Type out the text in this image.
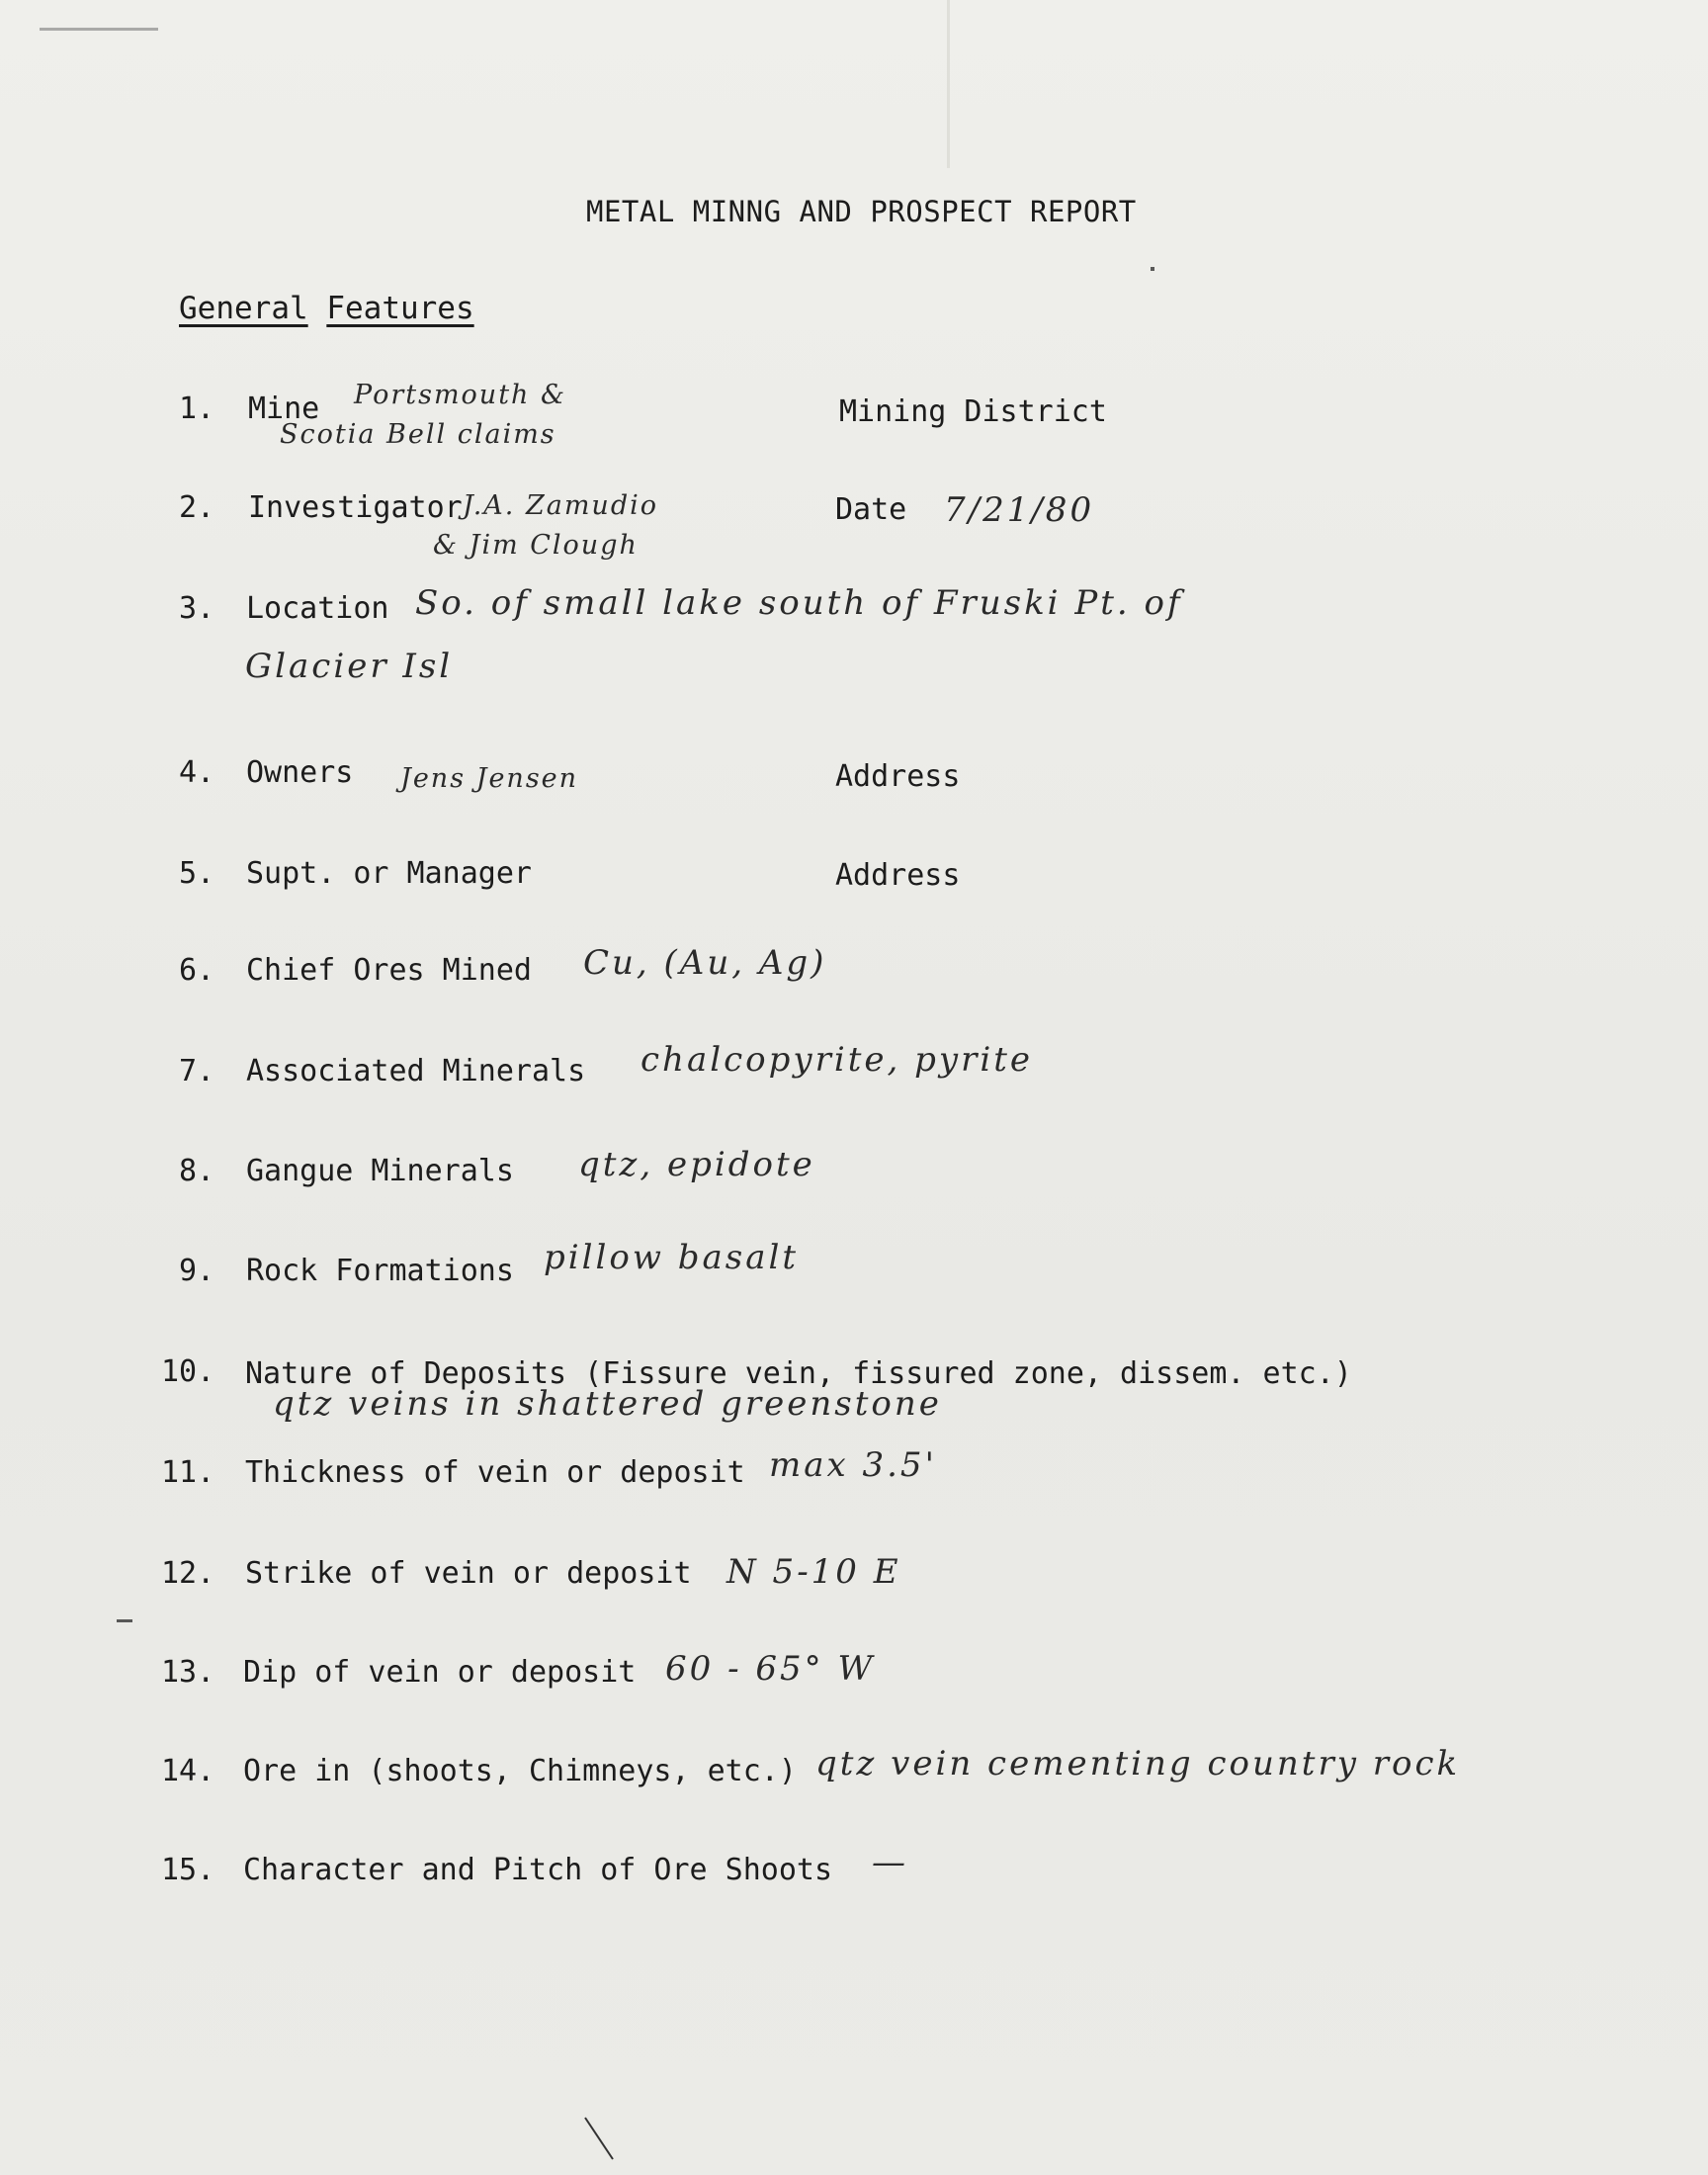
METAL MINNG AND PROSPECT REPORT
General Features
1. Mine Portsmouth &
Scotia Bell claims
Mining District
2. Investigator J.A. Zamudio
& Jim Clough
Date 7/21/80
3. Location So. of small lake south of Fruski Pt. of
Glacier Isl
4. Owners Jens Jensen	Address
5. Supt. or Manager	Address
6. Chief Ores Mined Cu, (Au, Ag)
7. Associated Minerals chalcopyrite, pyrite
8. Gangue Minerals qtz, epidote
9. Rock Formations pillow basalt
10. Nature of Deposits (Fissure vein, fissured zone, dissem. etc.)
qtz veins in shattered greenstone
11. Thickness of vein or deposit max 3.5'
12. Strike of vein or deposit N 5-10 E
13. Dip of vein or deposit 60 - 65° W
14. Ore in (shoots, Chimneys, etc.) qtz vein cementing country rock
15. Character and Pitch of Ore Shoots —
